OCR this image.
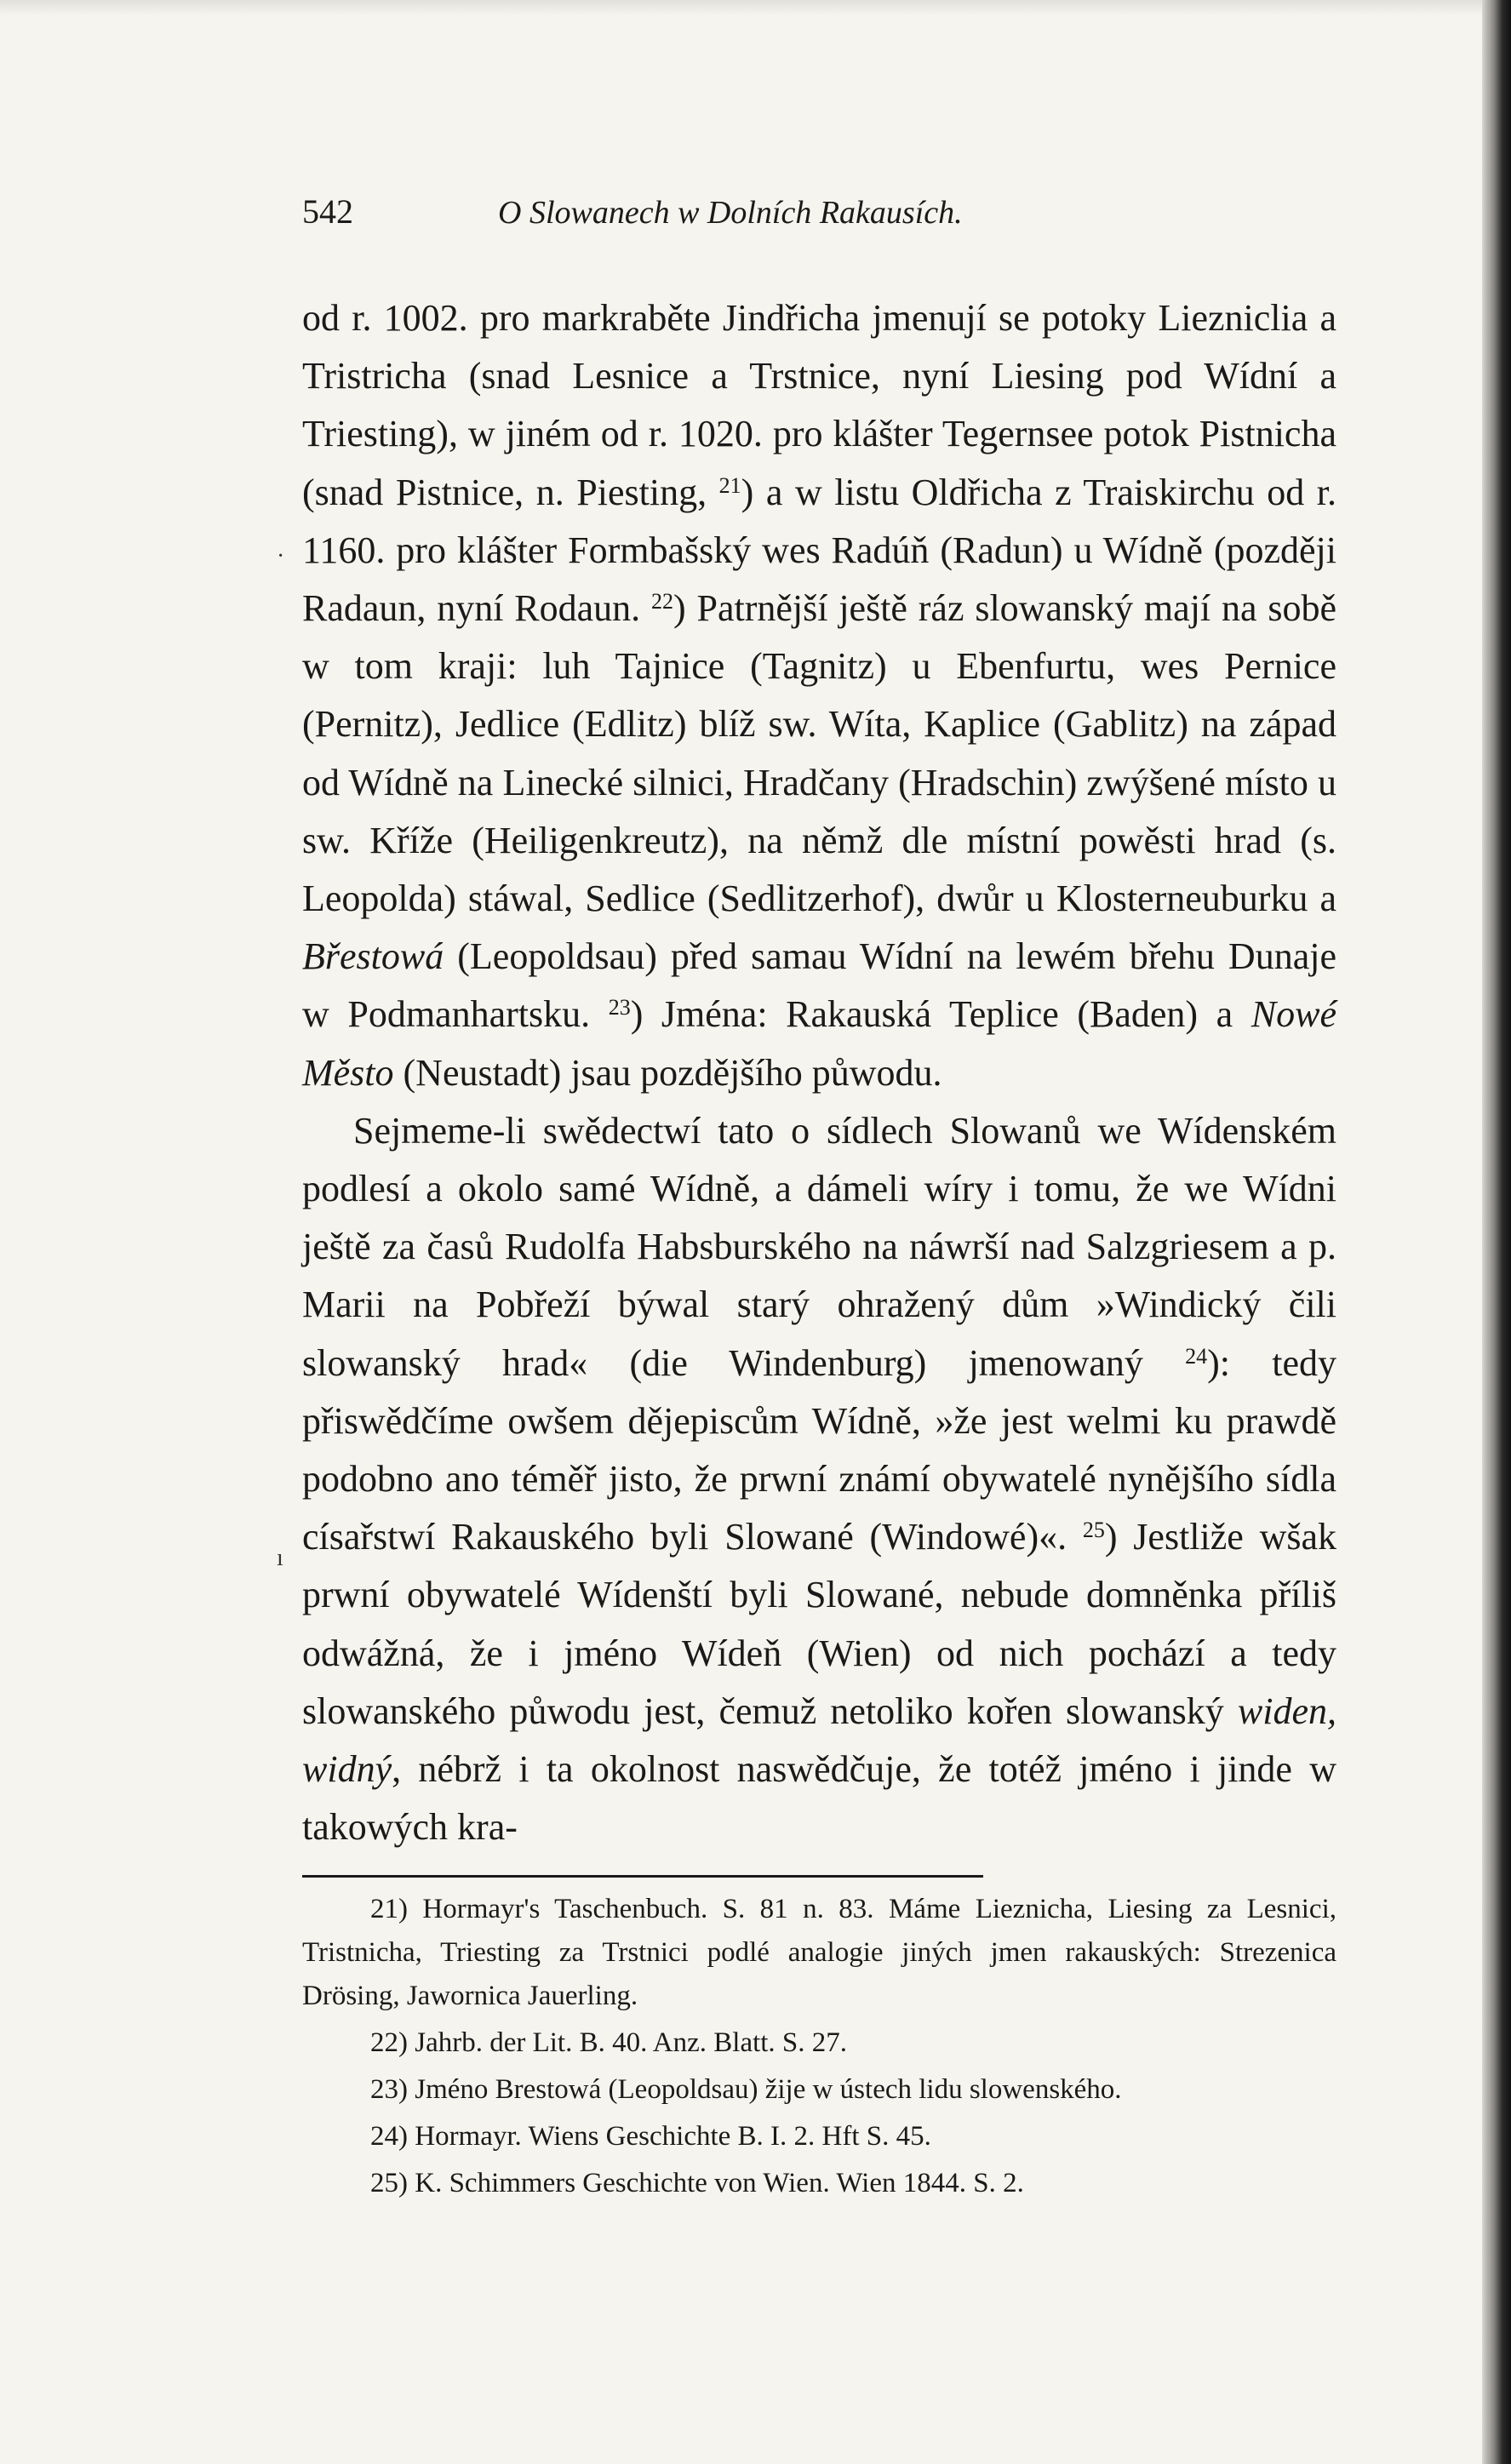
·
ı
542	O Slowanech w Dolních Rakausích.

od r. 1002. pro markraběte Jindřicha jmenují se potoky Liezniclia a Tristricha (snad Lesnice a Trstnice, nyní Liesing pod Wídní a Triesting), w jiném od r. 1020. pro klášter Tegernsee potok Pistnicha (snad Pistnice, n. Piesting, $^{21}$) a w listu Oldřicha z Traiskirchu od r. 1160. pro klášter Formbašský wes Radúň (Radun) u Wídně (později Radaun, nyní Rodaun. $^{22}$) Patrnější ještě ráz slowanský mají na sobě w tom kraji: luh Tajnice (Tagnitz) u Ebenfurtu, wes Pernice (Pernitz), Jedlice (Edlitz) blíž sw. Wíta, Kaplice (Gablitz) na západ od Wídně na Linecké silnici, Hradčany (Hradschin) zwýšené místo u sw. Kříže (Heiligenkreutz), na němž dle místní powěsti hrad (s. Leopolda) stáwal, Sedlice (Sedlitzerhof), dwůr u Klosterneuburku a Břestowá (Leopoldsau) před samau Wídní na lewém břehu Dunaje w Podmanhartsku. $^{23}$) Jména: Rakauská Teplice (Baden) a Nowé Město (Neustadt) jsau pozdějšího půwodu.

Sejmeme-li swědectwí tato o sídlech Slowanů we Wídenském podlesí a okolo samé Wídně, a dámeli wíry i tomu, že we Wídni ještě za časů Rudolfa Habsburského na náwrší nad Salzgriesem a p. Marii na Pobřeží býwal starý ohražený dům »Windický čili slowanský hrad« (die Windenburg) jmenowaný $^{24}$): tedy přiswědčíme owšem dějepiscům Wídně, »že jest welmi ku prawdě podobno ano téměř jisto, že prwní známí obywatelé nynějšího sídla císařstwí Rakauského byli Slowané (Windowé)«. $^{25}$) Jestliže wšak prwní obywatelé Wídenští byli Slowané, nebude domněnka příliš odwážná, že i jméno Wídeň (Wien) od nich pochází a tedy slowanského půwodu jest, čemuž netoliko kořen slowanský widen, widný, nébrž i ta okolnost naswědčuje, že totéž jméno i jinde w takowých kra-

21) Hormayr's Taschenbuch. S. 81 n. 83. Máme Lieznicha, Liesing za Lesnici, Tristnicha, Triesting za Trstnici podlé analogie jiných jmen rakauských: Strezenica Drösing, Jawornica Jauerling.

22) Jahrb. der Lit. B. 40. Anz. Blatt. S. 27.

23) Jméno Brestowá (Leopoldsau) žije w ústech lidu slowenského.

24) Hormayr. Wiens Geschichte B. I. 2. Hft S. 45.

25) K. Schimmers Geschichte von Wien. Wien 1844. S. 2.
